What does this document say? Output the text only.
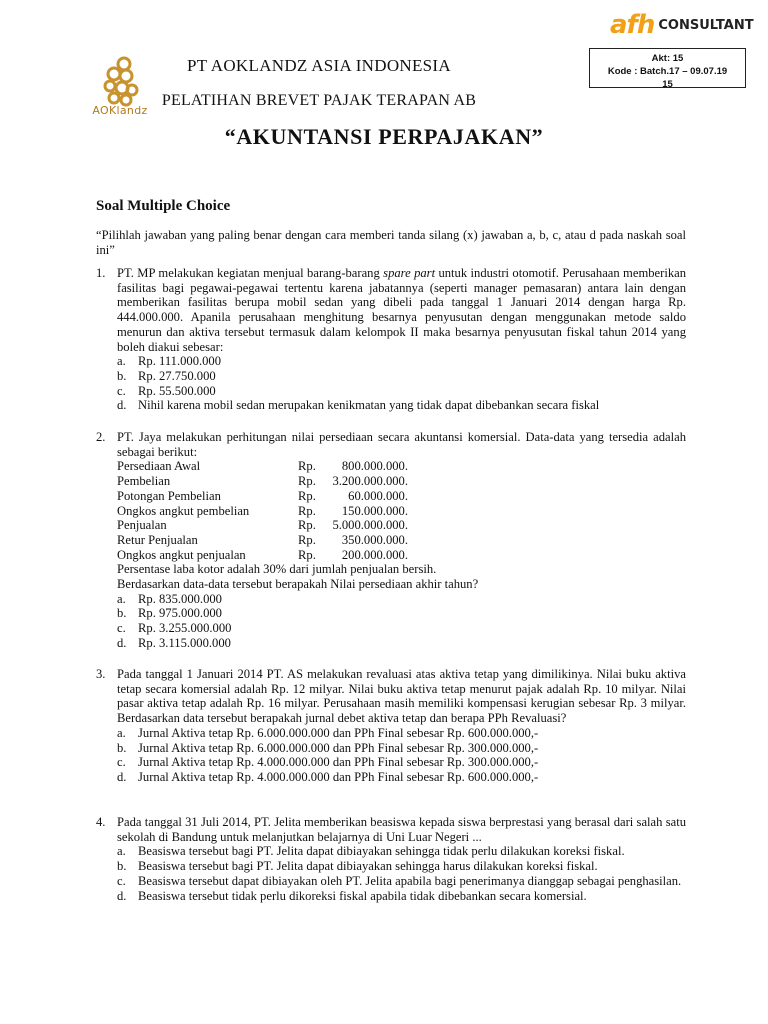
AOKlandz
afh CONSULTANT
Akt: 15
Kode : Batch.17 – 09.07.19
15
PT AOKLANDZ ASIA INDONESIA
PELATIHAN BREVET PAJAK TERAPAN AB
“AKUNTANSI PERPAJAKAN”
Soal Multiple Choice
“Pilihlah jawaban yang paling benar dengan cara memberi tanda silang (x) jawaban a, b, c, atau d pada naskah soal ini”
1. PT. MP melakukan kegiatan menjual barang-barang spare part untuk industri otomotif. Perusahaan memberikan fasilitas bagi pegawai-pegawai tertentu karena jabatannya (seperti manager pemasaran) antara lain dengan memberikan fasilitas berupa mobil sedan yang dibeli pada tanggal 1 Januari 2014 dengan harga Rp. 444.000.000. Apanila perusahaan menghitung besarnya penyusutan dengan menggunakan metode saldo menurun dan aktiva tersebut termasuk dalam kelompok II maka besarnya penyusutan fiskal tahun 2014 yang boleh diakui sebesar:
a. Rp. 111.000.000
b. Rp. 27.750.000
c. Rp. 55.500.000
d. Nihil karena mobil sedan merupakan kenikmatan yang tidak dapat dibebankan secara fiskal
2. PT. Jaya melakukan perhitungan nilai persediaan secara akuntansi komersial. Data-data yang tersedia adalah sebagai berikut:
Persediaan Awal	Rp.	800.000.000.
Pembelian	Rp.	3.200.000.000.
Potongan Pembelian	Rp.	60.000.000.
Ongkos angkut pembelian	Rp.	150.000.000.
Penjualan	Rp.	5.000.000.000.
Retur Penjualan	Rp.	350.000.000.
Ongkos angkut penjualan	Rp.	200.000.000.
Persentase laba kotor adalah 30% dari jumlah penjualan bersih.
Berdasarkan data-data tersebut berapakah Nilai persediaan akhir tahun?
a. Rp. 835.000.000
b. Rp. 975.000.000
c. Rp. 3.255.000.000
d. Rp. 3.115.000.000
3. Pada tanggal 1 Januari 2014 PT. AS melakukan revaluasi atas aktiva tetap yang dimilikinya. Nilai buku aktiva tetap secara komersial adalah Rp. 12 milyar. Nilai buku aktiva tetap menurut pajak adalah Rp. 10 milyar. Nilai pasar aktiva tetap adalah Rp. 16 milyar. Perusahaan masih memiliki kompensasi kerugian sebesar Rp. 3 milyar. Berdasarkan data tersebut berapakah jurnal debet aktiva tetap dan berapa PPh Revaluasi?
a. Jurnal Aktiva tetap Rp. 6.000.000.000 dan PPh Final sebesar Rp. 600.000.000,-
b. Jurnal Aktiva tetap Rp. 6.000.000.000 dan PPh Final sebesar Rp. 300.000.000,-
c. Jurnal Aktiva tetap Rp. 4.000.000.000 dan PPh Final sebesar Rp. 300.000.000,-
d. Jurnal Aktiva tetap Rp. 4.000.000.000 dan PPh Final sebesar Rp. 600.000.000,-
4. Pada tanggal 31 Juli 2014, PT. Jelita memberikan beasiswa kepada siswa berprestasi yang berasal dari salah satu sekolah di Bandung untuk melanjutkan belajarnya di Uni Luar Negeri ...
a. Beasiswa tersebut bagi PT. Jelita dapat dibiayakan sehingga tidak perlu dilakukan koreksi fiskal.
b. Beasiswa tersebut bagi PT. Jelita dapat dibiayakan sehingga harus dilakukan koreksi fiskal.
c. Beasiswa tersebut dapat dibiayakan oleh PT. Jelita apabila bagi penerimanya dianggap sebagai penghasilan.
d. Beasiswa tersebut tidak perlu dikoreksi fiskal apabila tidak dibebankan secara komersial.
